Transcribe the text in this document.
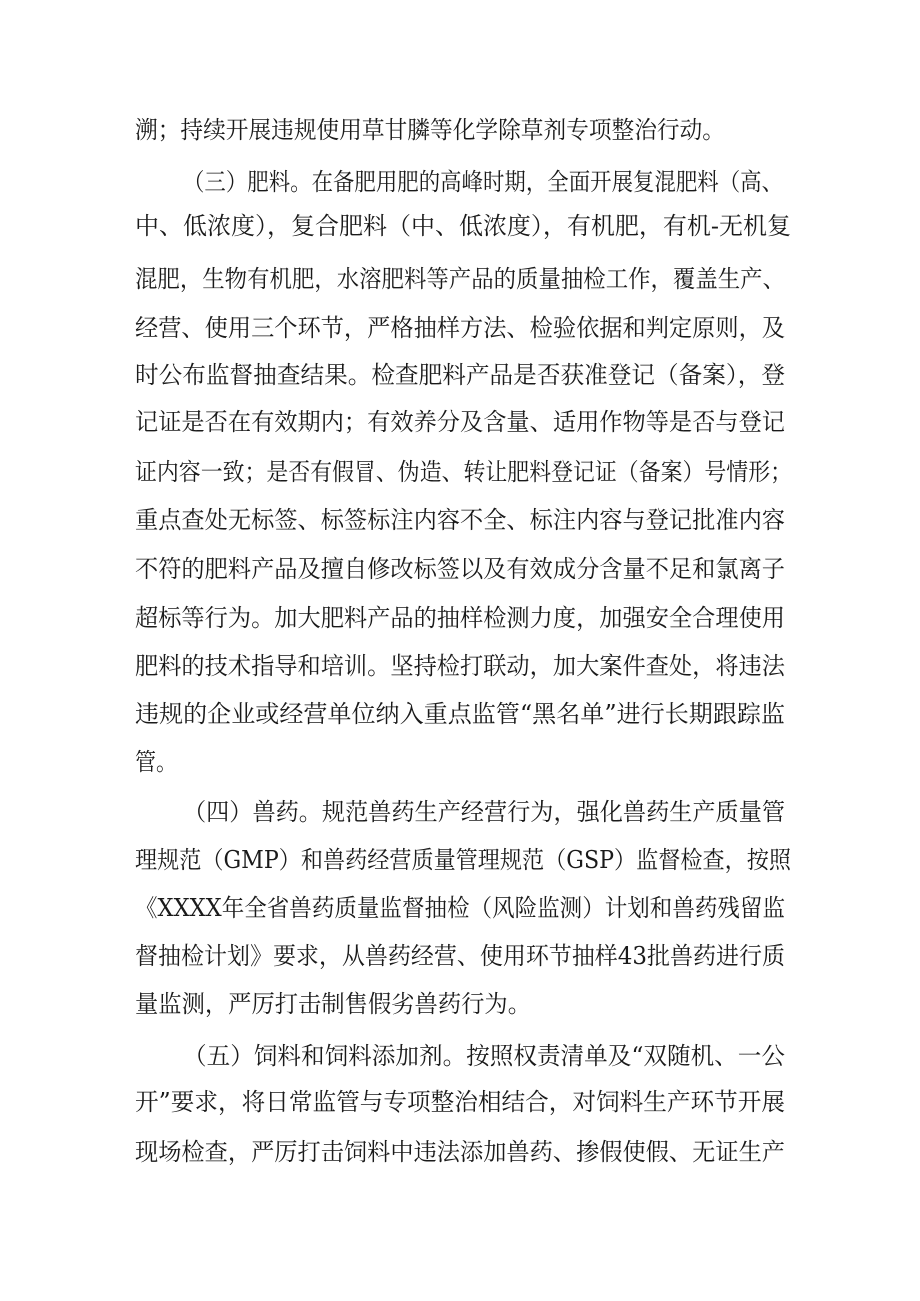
溯；持续开展违规使用草甘膦等化学除草剂专项整治行动。
（三）肥料。在备肥用肥的高峰时期，全面开展复混肥料（高、
中、低浓度），复合肥料（中、低浓度），有机肥，有机-无机复
混肥，生物有机肥，水溶肥料等产品的质量抽检工作，覆盖生产、
经营、使用三个环节，严格抽样方法、检验依据和判定原则，及
时公布监督抽查结果。检查肥料产品是否获准登记（备案），登
记证是否在有效期内；有效养分及含量、适用作物等是否与登记
证内容一致；是否有假冒、伪造、转让肥料登记证（备案）号情形；
重点查处无标签、标签标注内容不全、标注内容与登记批准内容
不符的肥料产品及擅自修改标签以及有效成分含量不足和氯离子
超标等行为。加大肥料产品的抽样检测力度，加强安全合理使用
肥料的技术指导和培训。坚持检打联动，加大案件查处，将违法
违规的企业或经营单位纳入重点监管“黑名单”进行长期跟踪监
管。
（四）兽药。规范兽药生产经营行为，强化兽药生产质量管
理规范（GMP）和兽药经营质量管理规范（GSP）监督检查，按照
《XXXX年全省兽药质量监督抽检（风险监测）计划和兽药残留监
督抽检计划》要求，从兽药经营、使用环节抽样43批兽药进行质
量监测，严厉打击制售假劣兽药行为。
（五）饲料和饲料添加剂。按照权责清单及“双随机、一公
开”要求，将日常监管与专项整治相结合，对饲料生产环节开展
现场检查，严厉打击饲料中违法添加兽药、掺假使假、无证生产
